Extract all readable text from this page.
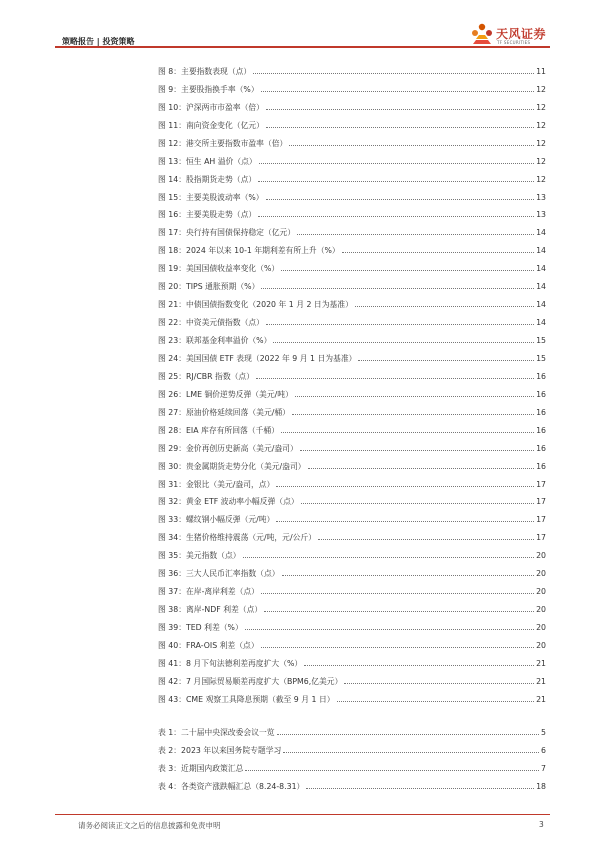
策略报告 | 投资策略
天风证券
TF SECURITIES
图 8：主要指数表现（点）	11
图 9：主要股指换手率（%）	12
图 10：沪深两市市盈率（倍）	12
图 11：南向资金变化（亿元）	12
图 12：港交所主要指数市盈率（倍）	12
图 13：恒生 AH 溢价（点）	12
图 14：股指期货走势（点）	12
图 15：主要美股波动率（%）	13
图 16：主要美股走势（点）	13
图 17：央行持有国债保持稳定（亿元）	14
图 18：2024 年以来 10-1 年期利差有所上升（%）	14
图 19：美国国债收益率变化（%）	14
图 20：TIPS 通胀预期（%）	14
图 21：中债国债指数变化（2020 年 1 月 2 日为基准）	14
图 22：中资美元债指数（点）	14
图 23：联邦基金利率溢价（%）	15
图 24：美国国债 ETF 表现（2022 年 9 月 1 日为基准）	15
图 25：RJ/CBR 指数（点）	16
图 26：LME 铜价逆势反弹（美元/吨）	16
图 27：原油价格延续回落（美元/桶）	16
图 28：EIA 库存有所回落（千桶）	16
图 29：金价再创历史新高（美元/盎司）	16
图 30：贵金属期货走势分化（美元/盎司）	16
图 31：金银比（美元/盎司，点）	17
图 32：黄金 ETF 波动率小幅反弹（点）	17
图 33：螺纹钢小幅反弹（元/吨）	17
图 34：生猪价格维持震荡（元/吨，元/公斤）	17
图 35：美元指数（点）	20
图 36：三大人民币汇率指数（点）	20
图 37：在岸-离岸利差（点）	20
图 38：离岸-NDF 利差（点）	20
图 39：TED 利差（%）	20
图 40：FRA-OIS 利差（点）	20
图 41：8 月下旬法德利差再度扩大（%）	21
图 42：7 月国际贸易顺差再度扩大（BPM6,亿美元）	21
图 43：CME 观察工具降息预期（截至 9 月 1 日）	21
表 1：二十届中央深改委会议一览	5
表 2：2023 年以来国务院专题学习	6
表 3：近期国内政策汇总	7
表 4：各类资产涨跌幅汇总（8.24-8.31）	18
请务必阅读正文之后的信息披露和免责申明	3
